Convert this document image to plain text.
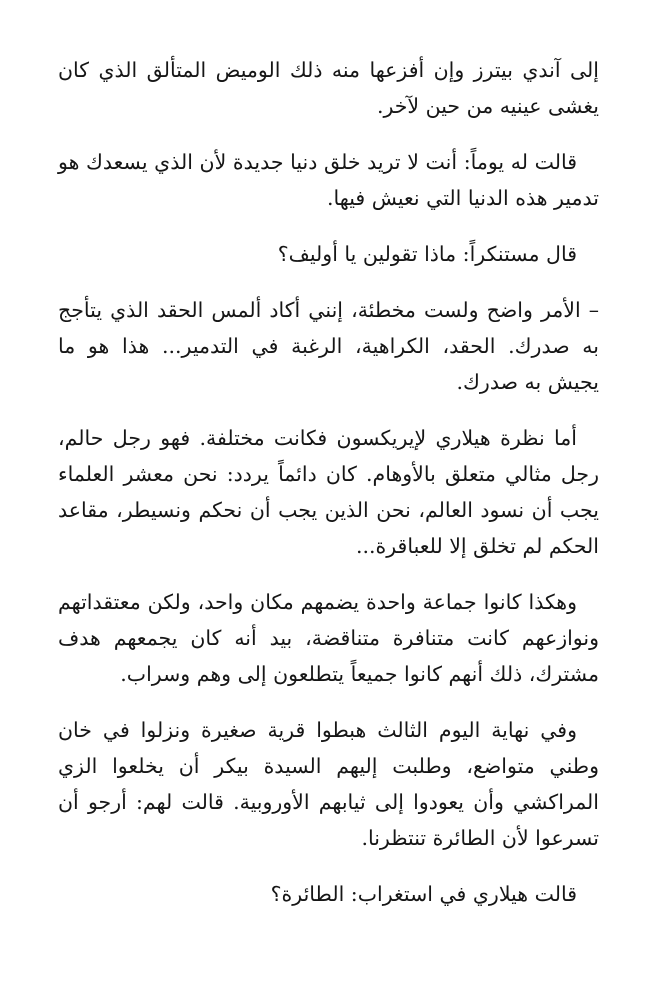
إلى آندي بيترز وإن أفزعها منه ذلك الوميض المتألق الذي كان يغشى عينيه من حين لآخر.

قالت له يوماً: أنت لا تريد خلق دنيا جديدة لأن الذي يسعدك هو تدمير هذه الدنيا التي نعيش فيها.

قال مستنكراً: ماذا تقولين يا أوليف؟

– الأمر واضح ولست مخطئة، إنني أكاد ألمس الحقد الذي يتأجج به صدرك. الحقد، الكراهية، الرغبة في التدمير... هذا هو ما يجيش به صدرك.

أما نظرة هيلاري لإيريكسون فكانت مختلفة. فهو رجل حالم، رجل مثالي متعلق بالأوهام. كان دائماً يردد: نحن معشر العلماء يجب أن نسود العالم، نحن الذين يجب أن نحكم ونسيطر، مقاعد الحكم لم تخلق إلا للعباقرة...

وهكذا كانوا جماعة واحدة يضمهم مكان واحد، ولكن معتقداتهم ونوازعهم كانت متنافرة متناقضة، بيد أنه كان يجمعهم هدف مشترك، ذلك أنهم كانوا جميعاً يتطلعون إلى وهم وسراب.

وفي نهاية اليوم الثالث هبطوا قرية صغيرة ونزلوا في خان وطني متواضع، وطلبت إليهم السيدة بيكر أن يخلعوا الزي المراكشي وأن يعودوا إلى ثيابهم الأوروبية. قالت لهم: أرجو أن تسرعوا لأن الطائرة تنتظرنا.

قالت هيلاري في استغراب: الطائرة؟
